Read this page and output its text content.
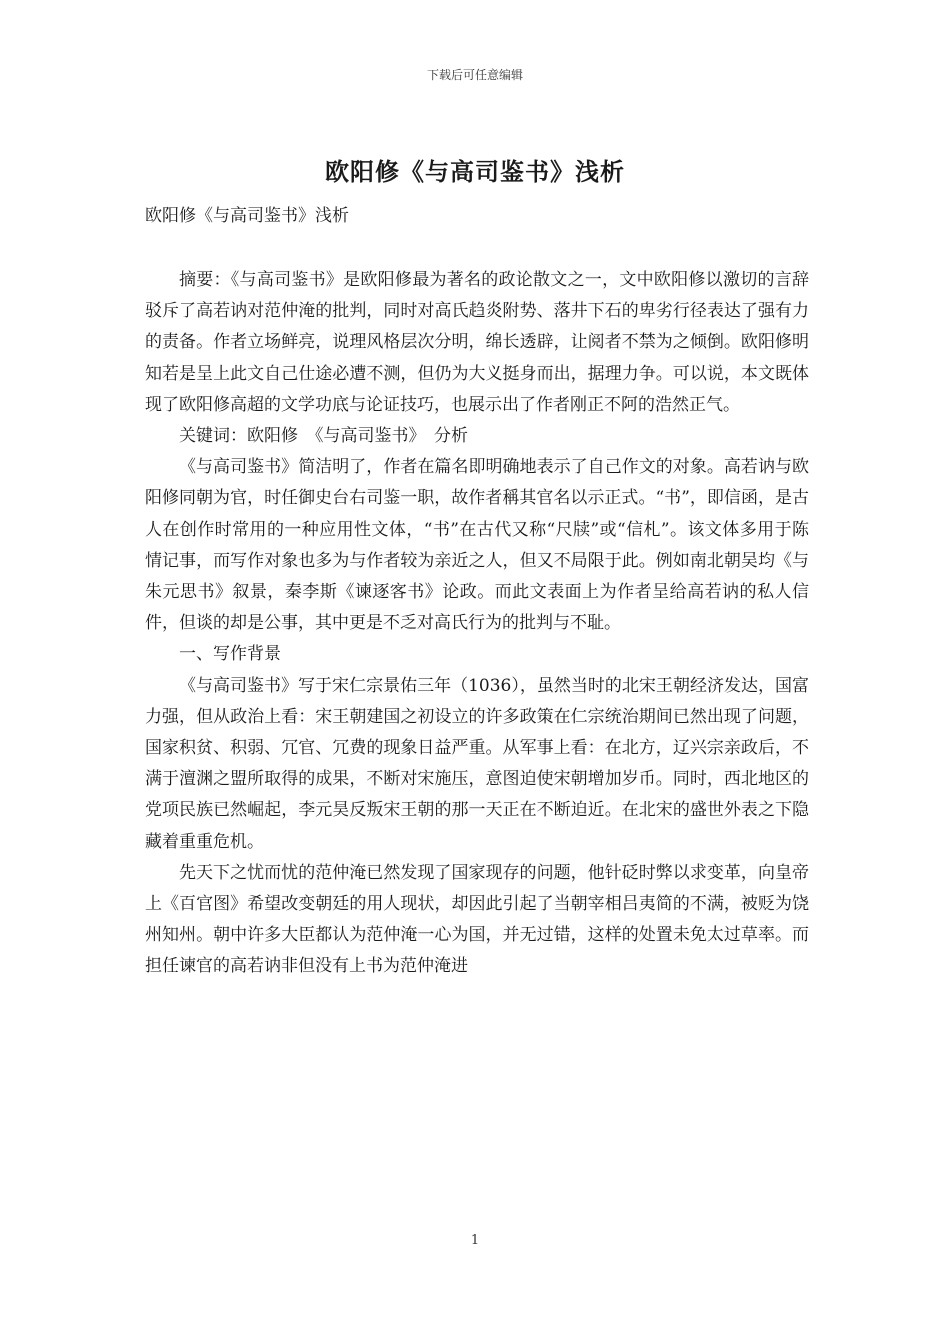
下载后可任意编辑
欧阳修《与高司鉴书》浅析

欧阳修《与高司鉴书》浅析

摘要：《与高司鉴书》是欧阳修最为著名的政论散文之一，文中欧阳修以激切的言辞驳斥了高若讷对范仲淹的批判，同时对高氏趋炎附势、落井下石的卑劣行径表达了强有力的责备。作者立场鲜亮，说理风格层次分明，绵长透辟，让阅者不禁为之倾倒。欧阳修明知若是呈上此文自己仕途必遭不测，但仍为大义挺身而出，据理力争。可以说，本文既体现了欧阳修高超的文学功底与论证技巧，也展示出了作者刚正不阿的浩然正气。

关键词：欧阳修　《与高司鉴书》　分析

《与高司鉴书》简洁明了，作者在篇名即明确地表示了自己作文的对象。高若讷与欧阳修同朝为官，时任御史台右司鉴一职，故作者稱其官名以示正式。“书”，即信函，是古人在创作时常用的一种应用性文体，“书”在古代又称“尺牍”或“信札”。该文体多用于陈情记事，而写作对象也多为与作者较为亲近之人，但又不局限于此。例如南北朝吴均《与朱元思书》叙景，秦李斯《谏逐客书》论政。而此文表面上为作者呈给高若讷的私人信件，但谈的却是公事，其中更是不乏对高氏行为的批判与不耻。

一、写作背景

《与高司鉴书》写于宋仁宗景佑三年（1036），虽然当时的北宋王朝经济发达，国富力强，但从政治上看：宋王朝建国之初设立的许多政策在仁宗统治期间已然出现了问题，国家积贫、积弱、冗官、冗费的现象日益严重。从军事上看：在北方，辽兴宗亲政后，不满于澶渊之盟所取得的成果，不断对宋施压，意图迫使宋朝增加岁币。同时，西北地区的党项民族已然崛起，李元昊反叛宋王朝的那一天正在不断迫近。在北宋的盛世外表之下隐藏着重重危机。

先天下之忧而忧的范仲淹已然发现了国家现存的问题，他针砭时弊以求变革，向皇帝上《百官图》希望改变朝廷的用人现状，却因此引起了当朝宰相吕夷简的不满，被贬为饶州知州。朝中许多大臣都认为范仲淹一心为国，并无过错，这样的处置未免太过草率。而担任谏官的高若讷非但没有上书为范仲淹进

1
